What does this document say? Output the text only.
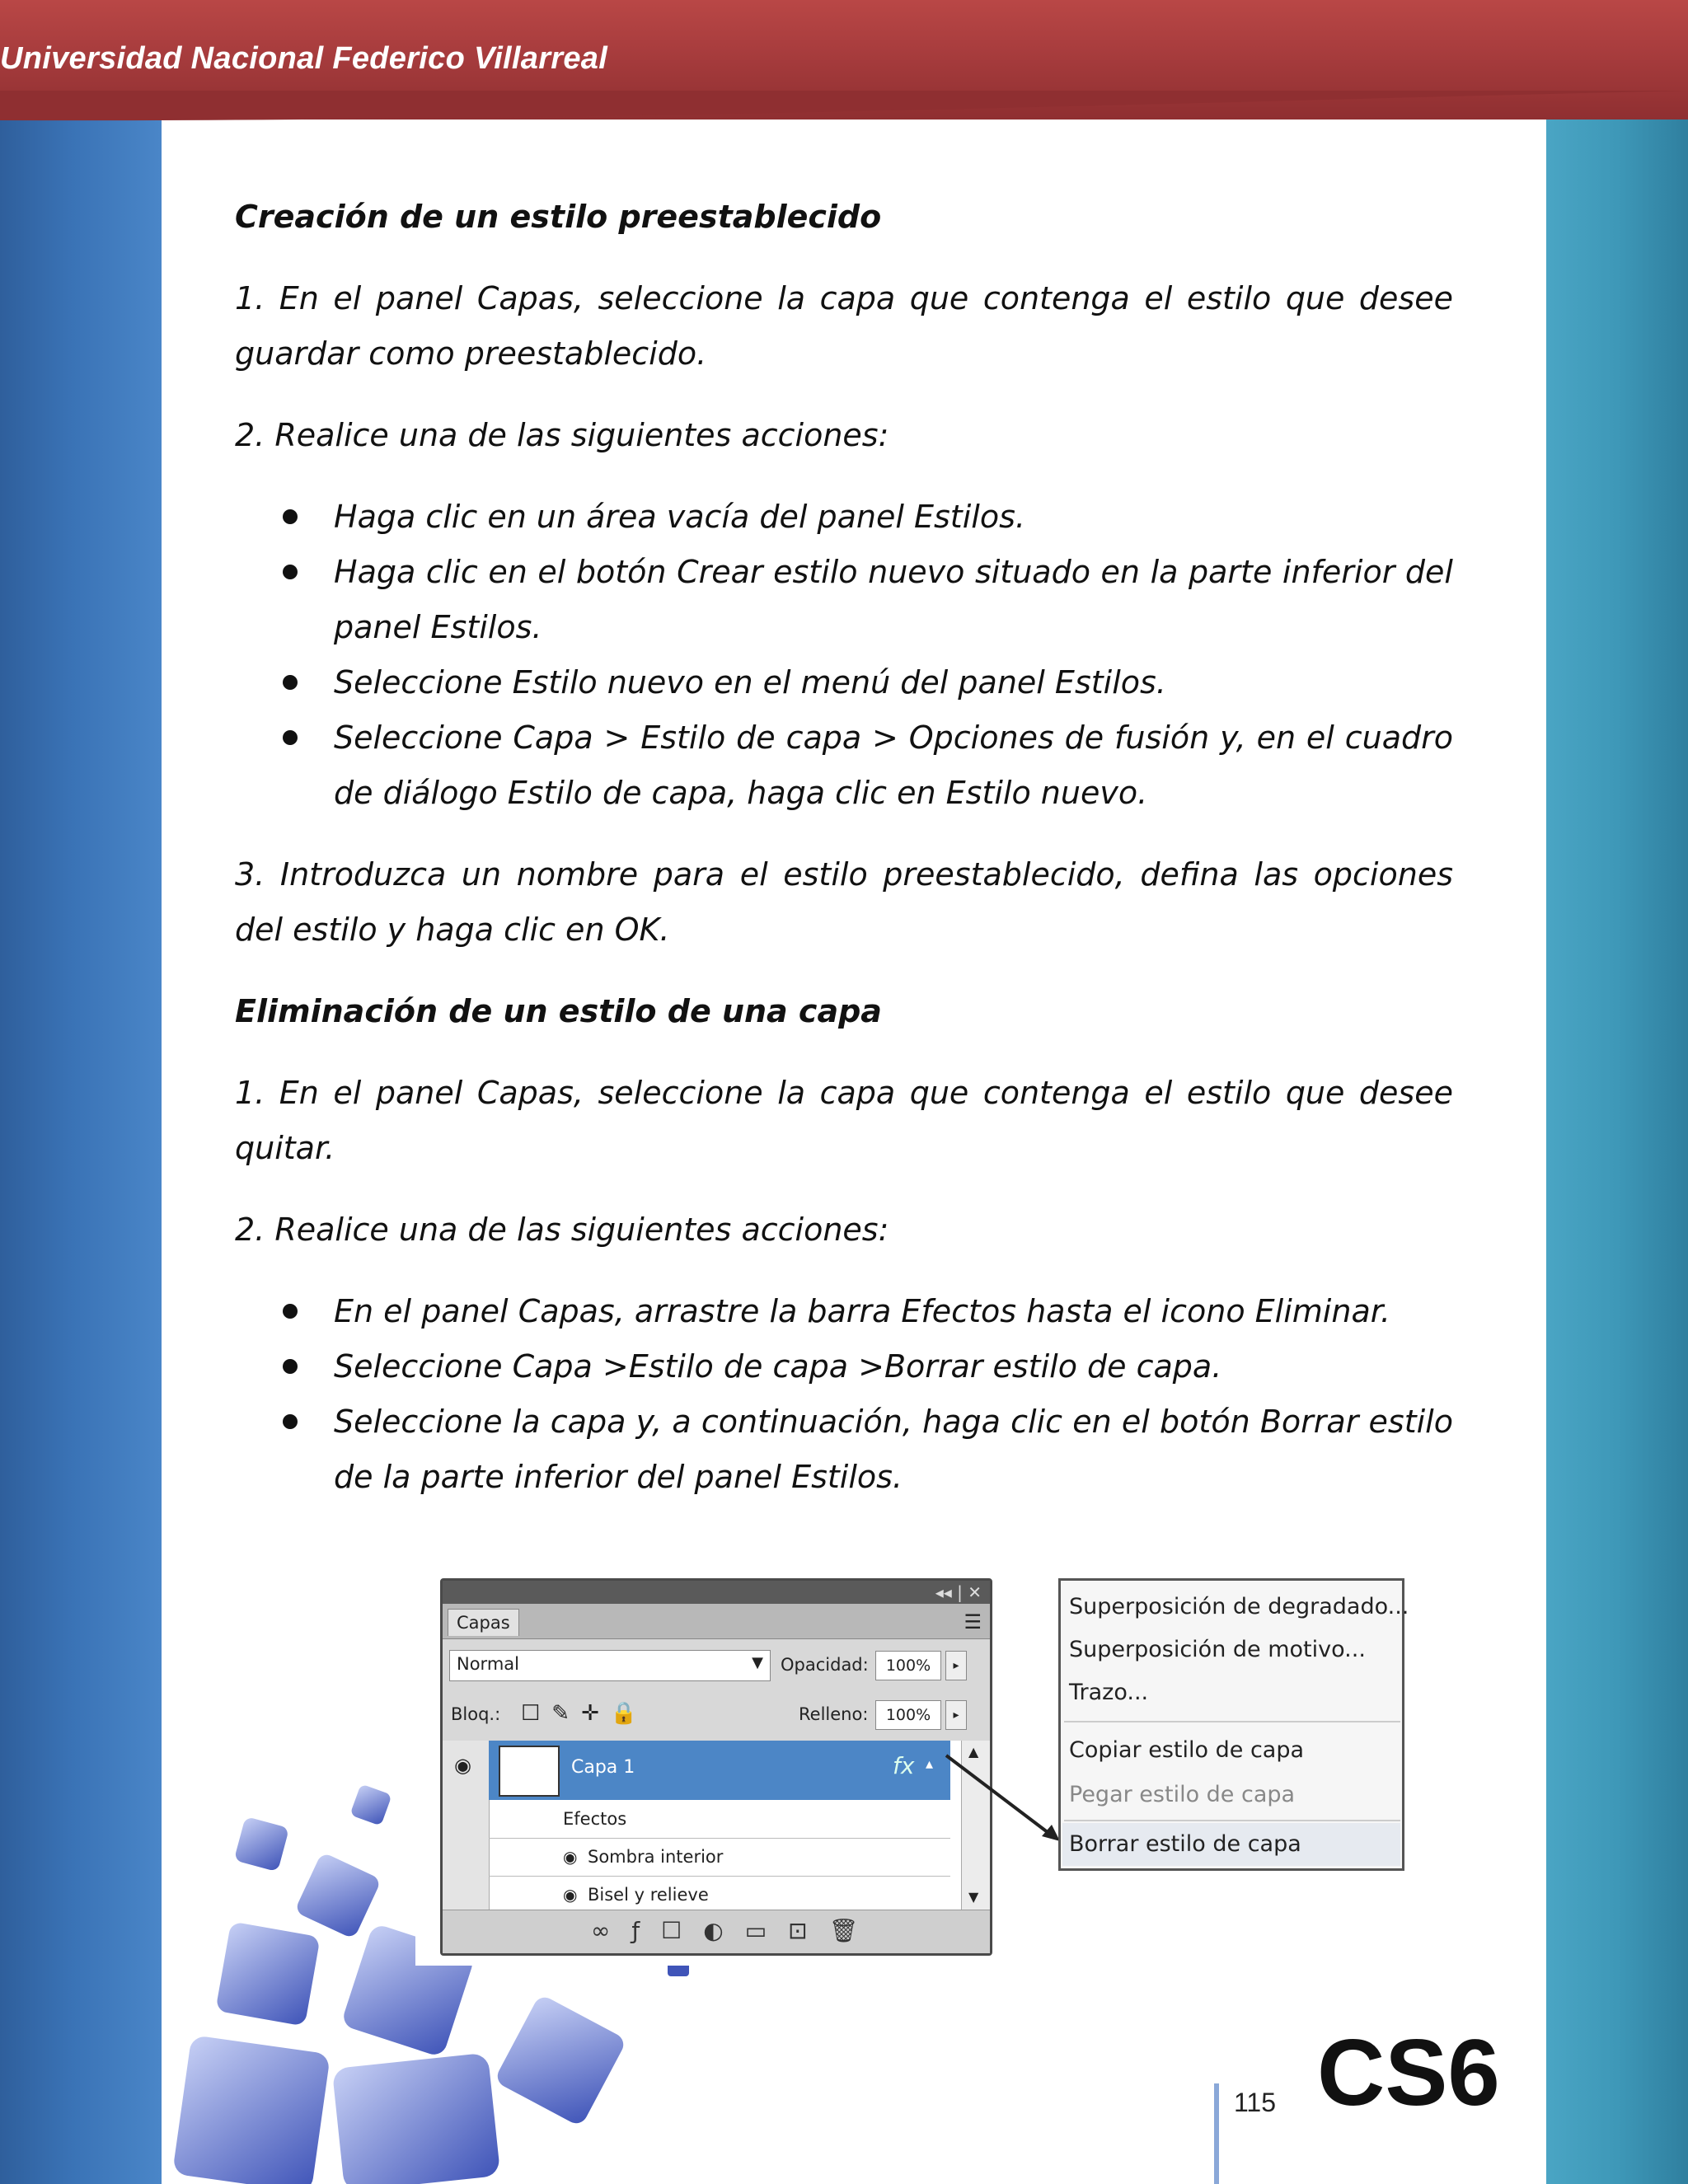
Universidad Nacional Federico Villarreal
Creación de un estilo preestablecido

1. En el panel Capas, seleccione la capa que contenga el estilo que desee guardar como preestablecido.

2. Realice una de las siguientes acciones:

Haga clic en un área vacía del panel Estilos.
Haga clic en el botón Crear estilo nuevo situado en la parte inferior del panel Estilos.
Seleccione Estilo nuevo en el menú del panel Estilos.
Seleccione Capa > Estilo de capa > Opciones de fusión y, en el cuadro de diálogo Estilo de capa, haga clic en Estilo nuevo.

3. Introduzca un nombre para el estilo preestablecido, defina las opciones del estilo y haga clic en OK.

Eliminación de un estilo de una capa

1. En el panel Capas, seleccione la capa que contenga el estilo que desee quitar.

2. Realice una de las siguientes acciones:

En el panel Capas, arrastre la barra Efectos hasta el icono Eliminar.
Seleccione Capa >Estilo de capa >Borrar estilo de capa.
Seleccione la capa y, a continuación, haga clic en el botón Borrar estilo de la parte inferior del panel Estilos.
◂◂ | ✕
Capas	☰
Normal	▼ Opacidad:	100%	▸
Bloq.: ☐✎✛🔒	Relleno:	100%	▸
◉	Capa 1	fx ▴
Efectos
◉ Sombra interior
◉ Bisel y relieve
▲
▼
∞ƒ☐◐▭⊡🗑
Superposición de degradado...
Superposición de motivo...
Trazo...
Copiar estilo de capa
Pegar estilo de capa
Borrar estilo de capa
115 CS6
